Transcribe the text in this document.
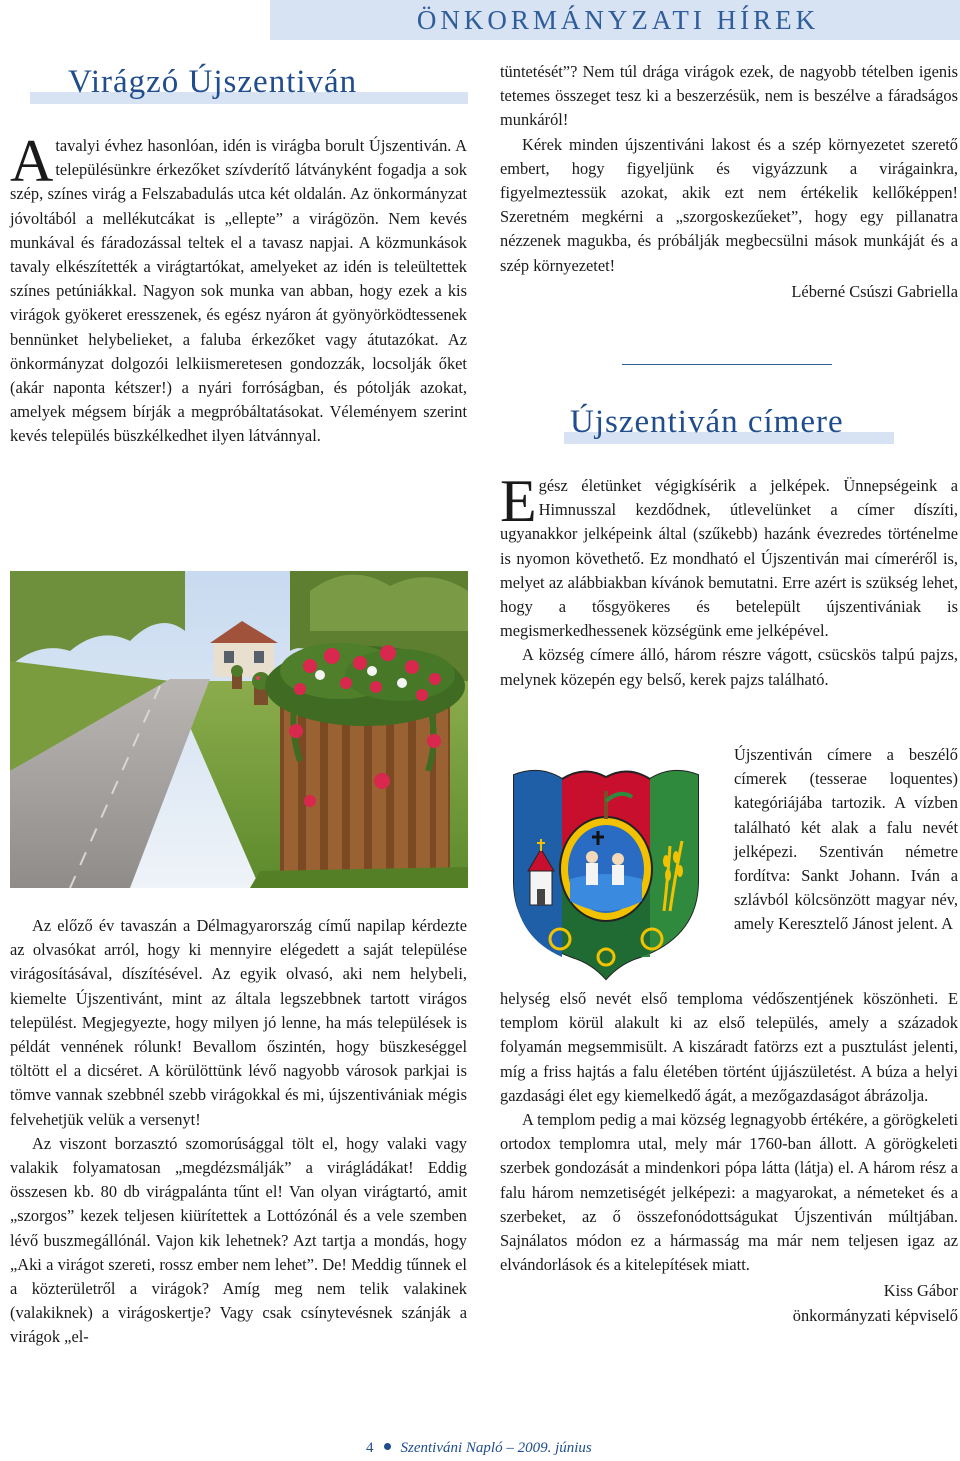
ÖNKORMÁNYZATI HÍREK
Virágzó Újszentiván

A tavalyi évhez hasonlóan, idén is virágba borult Újszentiván. A településünkre érkezőket szívderítő látványként fogadja a sok szép, színes virág a Felszabadulás utca két oldalán. Az önkormányzat jóvoltából a mellékutcákat is „ellepte” a virágözön. Nem kevés munkával és fáradozással teltek el a tavasz napjai. A közmunkások tavaly elkészítették a virágtartókat, amelyeket az idén is teleültettek színes petúniákkal. Nagyon sok munka van abban, hogy ezek a kis virágok gyökeret eresszenek, és egész nyáron át gyönyörködtessenek bennünket helybelieket, a faluba érkezőket vagy átutazókat. Az önkormányzat dolgozói lelkiismeretesen gondozzák, locsolják őket (akár naponta kétszer!) a nyári forróságban, és pótolják azokat, amelyek mégsem bírják a megpróbáltatásokat. Véleményem szerint kevés település büszkélkedhet ilyen látvánnyal.

Az előző év tavaszán a Délmagyarország című napilap kérdezte az olvasókat arról, hogy ki mennyire elégedett a saját települése virágosításával, díszítésével. Az egyik olvasó, aki nem helybeli, kiemelte Újszentivánt, mint az általa legszebbnek tartott virágos települést. Megjegyezte, hogy milyen jó lenne, ha más települések is példát vennének rólunk! Bevallom őszintén, hogy büszkeséggel töltött el a dicséret. A körülöttünk lévő nagyobb városok parkjai is tömve vannak szebbnél szebb virágokkal és mi, újszentivániak mégis felvehetjük velük a versenyt!

Az viszont borzasztó szomorúsággal tölt el, hogy valaki vagy valakik folyamatosan „megdézsmálják” a virágládákat! Eddig összesen kb. 80 db virágpalánta tűnt el! Van olyan virágtartó, amit „szorgos” kezek teljesen kiürítettek a Lottózónál és a vele szemben lévő buszmegállónál. Vajon kik lehetnek? Azt tartja a mondás, hogy „Aki a virágot szereti, rossz ember nem lehet”. De! Meddig tűnnek el a közterületről a virágok? Amíg meg nem telik valakinek (valakiknek) a virágoskertje? Vagy csak csínytevésnek szánják a virágok „el-

tüntetését”? Nem túl drága virágok ezek, de nagyobb tételben igenis tetemes összeget tesz ki a beszerzésük, nem is beszélve a fáradságos munkáról!

Kérek minden újszentiváni lakost és a szép környezetet szerető embert, hogy figyeljünk és vigyázzunk a virágainkra, figyelmeztessük azokat, akik ezt nem értékelik kellőképpen! Szeretném megkérni a „szorgoskezűeket”, hogy egy pillanatra nézzenek magukba, és próbálják megbecsülni mások munkáját és a szép környezetet!

Léberné Csúszi Gabriella

Újszentiván címere

E gész életünket végigkísérik a jelképek. Ünnepségeink a Himnusszal kezdődnek, útlevelünket a címer díszíti, ugyanakkor jelképeink által (szűkebb) hazánk évezredes történelme is nyomon követhető. Ez mondható el Újszentiván mai címeréről is, melyet az alábbiakban kívánok bemutatni. Erre azért is szükség lehet, hogy a tősgyökeres és betelepült újszentivániak is megismerkedhessenek községünk eme jelképével.

A község címere álló, három részre vágott, csücskös talpú pajzs, melynek közepén egy belső, kerek pajzs található.

Újszentiván címere a beszélő címerek (tesserae loquentes) kategóriájába tartozik. A vízben található két alak a falu nevét jelképezi. Szentiván németre fordítva: Sankt Johann. Iván a szlávból kölcsönzött magyar név, amely Keresztelő Jánost jelent. A

helység első nevét első temploma védőszentjének köszönheti. E templom körül alakult ki az első település, amely a századok folyamán megsemmisült. A kiszáradt fatörzs ezt a pusztulást jelenti, míg a friss hajtás a falu életében történt újjászületést. A búza a helyi gazdasági élet egy kiemelkedő ágát, a mezőgazdaságot ábrázolja.

A templom pedig a mai község legnagyobb értékére, a görögkeleti ortodox templomra utal, mely már 1760-ban állott. A görögkeleti szerbek gondozását a mindenkori pópa látta (látja) el. A három rész a falu három nemzetiségét jelképezi: a magyarokat, a németeket és a szerbeket, az ő összefonódottságukat Újszentiván múltjában. Sajnálatos módon ez a hármasság ma már nem teljesen igaz az elvándorlások és a kitelepítések miatt.

Kiss Gábor

önkormányzati képviselő

4 Szentiváni Napló – 2009. június
